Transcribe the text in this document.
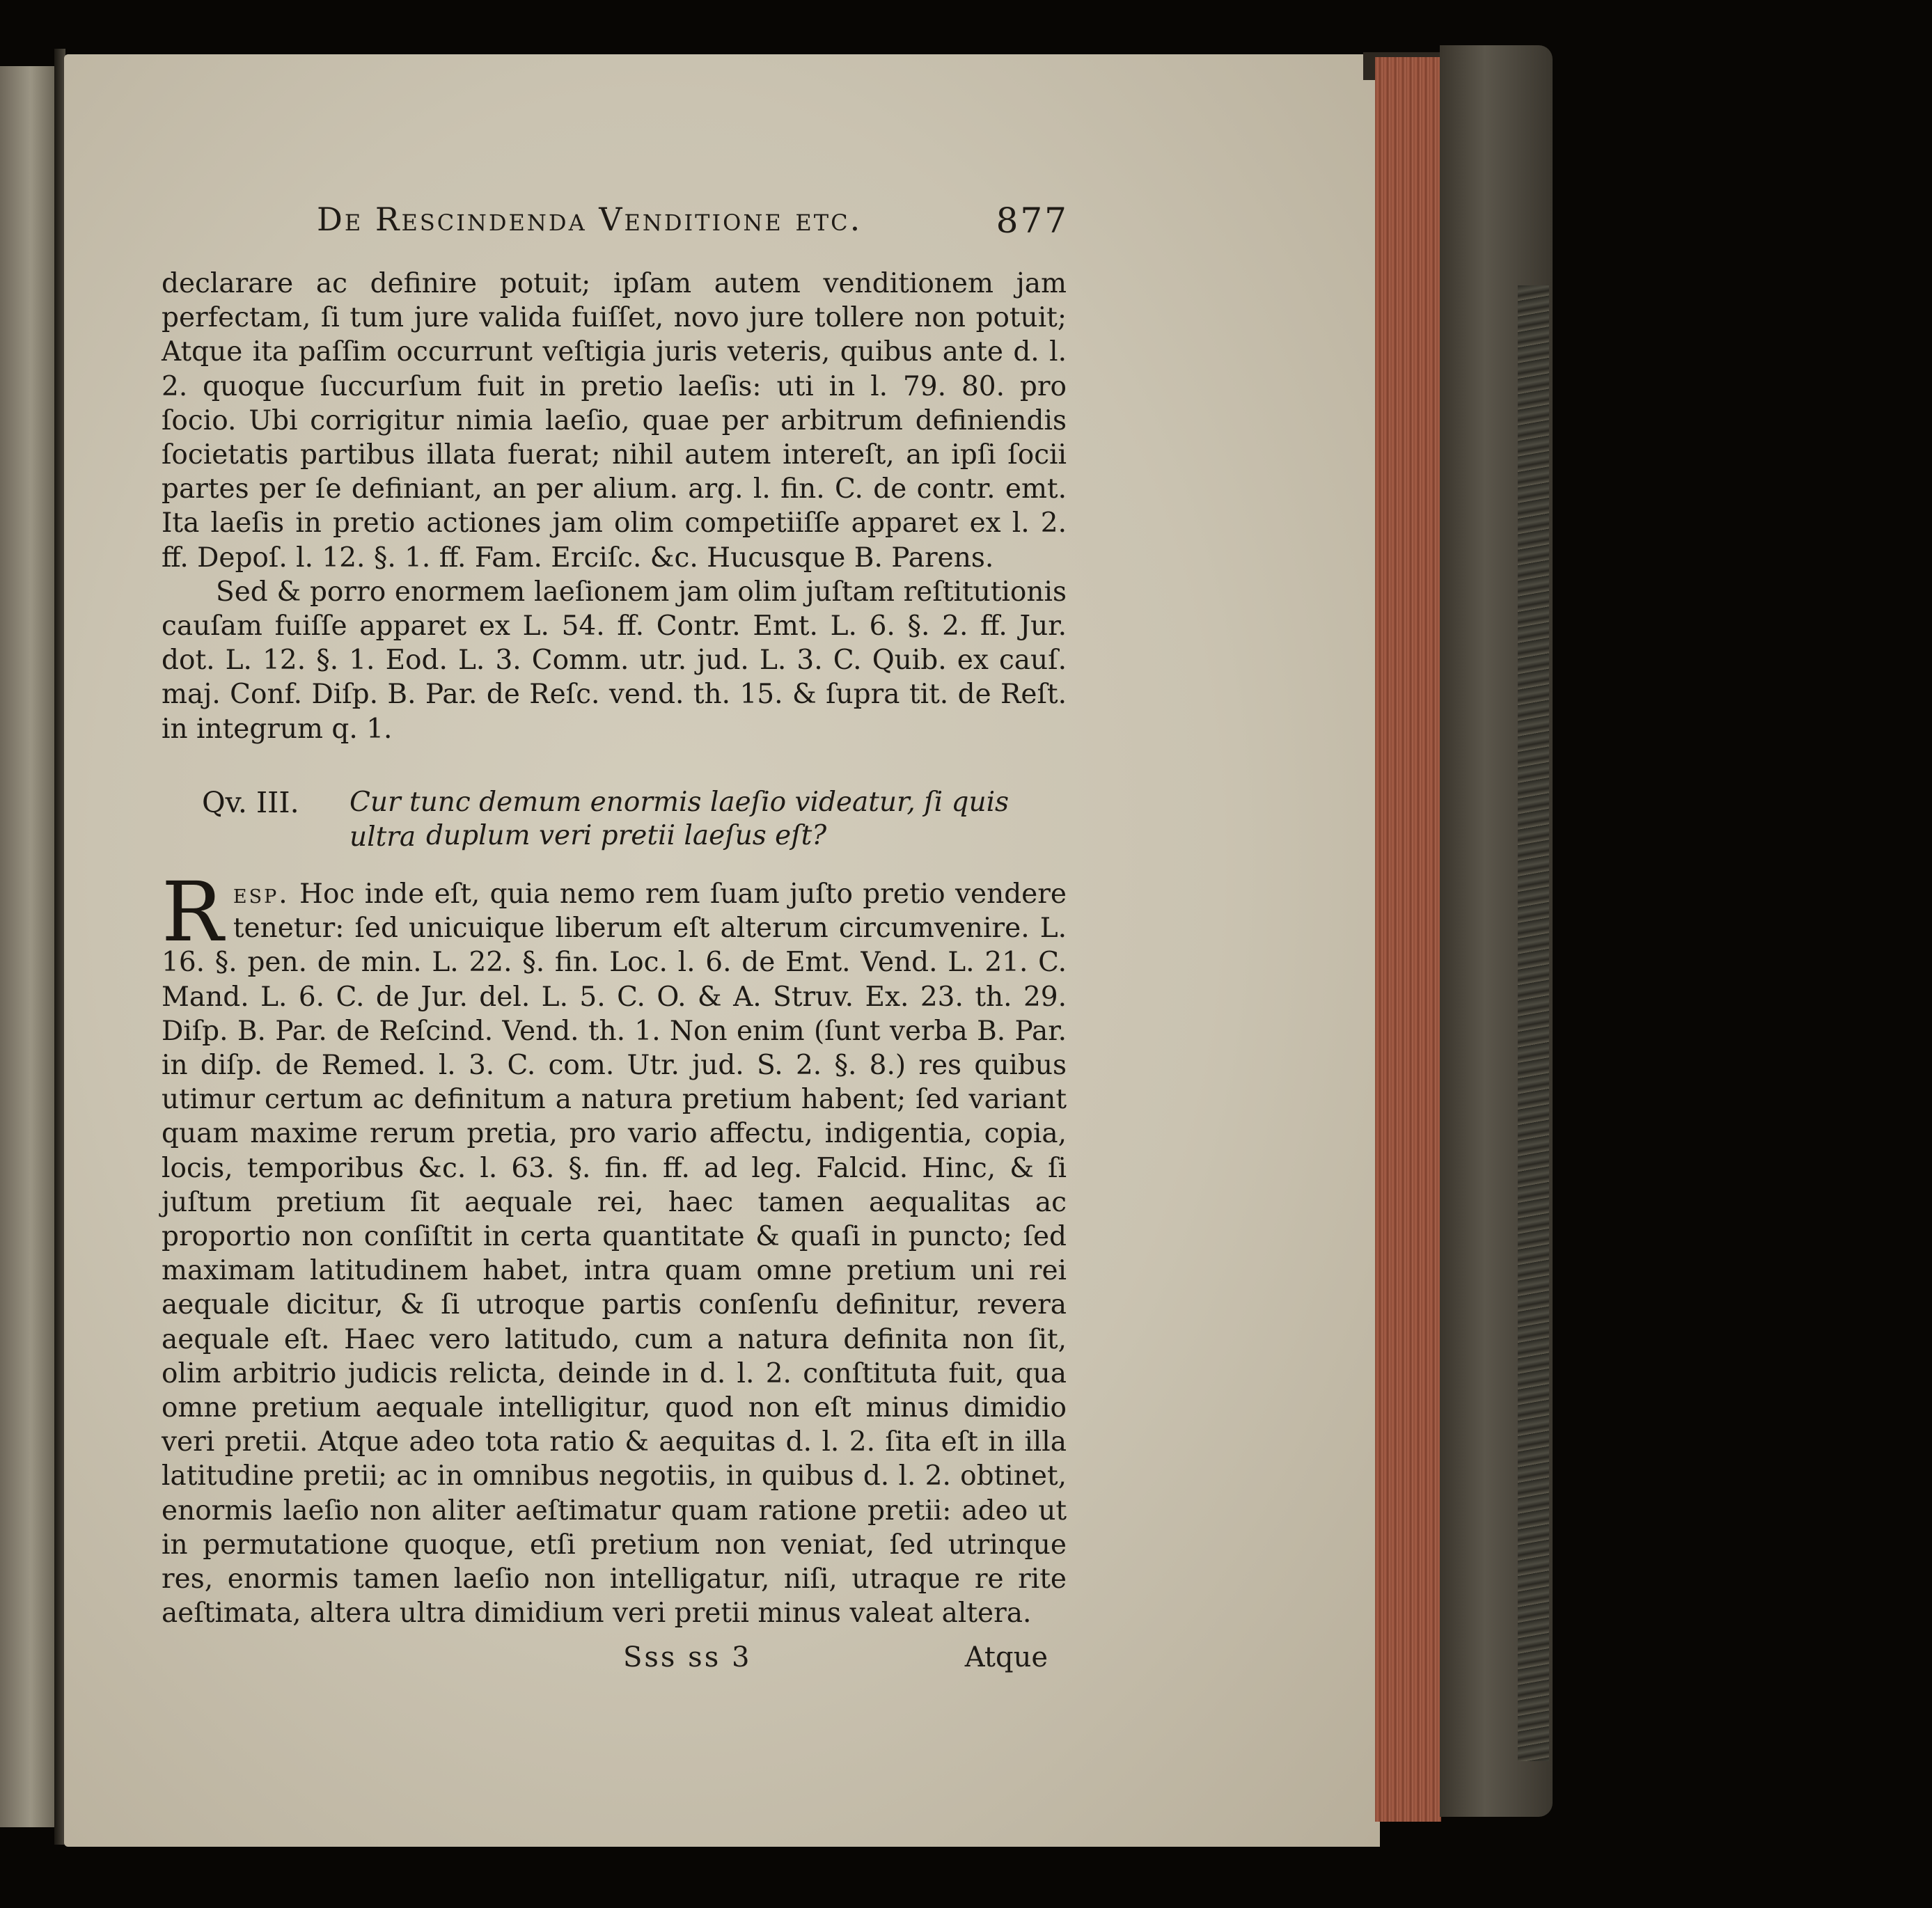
De Rescindenda Venditione etc.	877

declarare ac definire potuit; ipſam autem venditionem jam perfectam, ſi tum jure valida fuiſſet, novo jure tollere non potuit; Atque ita paſſim occurrunt veſtigia juris veteris, quibus ante d. l. 2. quoque ſuccurſum fuit in pretio laeſis: uti in l. 79. 80. pro ſocio. Ubi corrigitur nimia laeſio, quae per arbitrum definiendis ſocietatis partibus illata fuerat; nihil autem intereſt, an ipſi ſocii partes per ſe definiant, an per alium. arg. l. fin. C. de contr. emt. Ita laeſis in pretio actiones jam olim competiiſſe apparet ex l. 2. ff. Depoſ. l. 12. §. 1. ff. Fam. Erciſc. &c. Hucusque B. Parens.

Sed & porro enormem laeſionem jam olim juſtam reſtitutionis cauſam fuiſſe apparet ex L. 54. ff. Contr. Emt. L. 6. §. 2. ff. Jur. dot. L. 12. §. 1. Eod. L. 3. Comm. utr. jud. L. 3. C. Quib. ex cauſ. maj. Conf. Diſp. B. Par. de Reſc. vend. th. 15. & ſupra tit. de Reſt. in integrum q. 1.

Qv. III. Cur tunc demum enormis laeſio videatur, ſi quis ultra duplum veri pretii laeſus eſt?

Resp. Hoc inde eſt, quia nemo rem ſuam juſto pretio vendere tenetur: ſed unicuique liberum eſt alterum circumvenire. L. 16. §. pen. de min. L. 22. §. fin. Loc. l. 6. de Emt. Vend. L. 21. C. Mand. L. 6. C. de Jur. del. L. 5. C. O. & A. Struv. Ex. 23. th. 29. Diſp. B. Par. de Reſcind. Vend. th. 1. Non enim (ſunt verba B. Par. in diſp. de Remed. l. 3. C. com. Utr. jud. S. 2. §. 8.) res quibus utimur certum ac definitum a natura pretium habent; ſed variant quam maxime rerum pretia, pro vario affectu, indigentia, copia, locis, temporibus &c. l. 63. §. fin. ff. ad leg. Falcid. Hinc, & ſi juſtum pretium ſit aequale rei, haec tamen aequalitas ac proportio non conſiſtit in certa quantitate & quaſi in puncto; ſed maximam latitudinem habet, intra quam omne pretium uni rei aequale dicitur, & ſi utroque partis conſenſu definitur, revera aequale eſt. Haec vero latitudo, cum a natura definita non ſit, olim arbitrio judicis relicta, deinde in d. l. 2. conſtituta fuit, qua omne pretium aequale intelligitur, quod non eſt minus dimidio veri pretii. Atque adeo tota ratio & aequitas d. l. 2. ſita eſt in illa latitudine pretii; ac in omnibus negotiis, in quibus d. l. 2. obtinet, enormis laeſio non aliter aeſtimatur quam ratione pretii: adeo ut in permutatione quoque, etſi pretium non veniat, ſed utrinque res, enormis tamen laeſio non intelligatur, niſi, utraque re rite aeſtimata, altera ultra dimidium veri pretii minus valeat altera.

Sss ss 3	Atque
